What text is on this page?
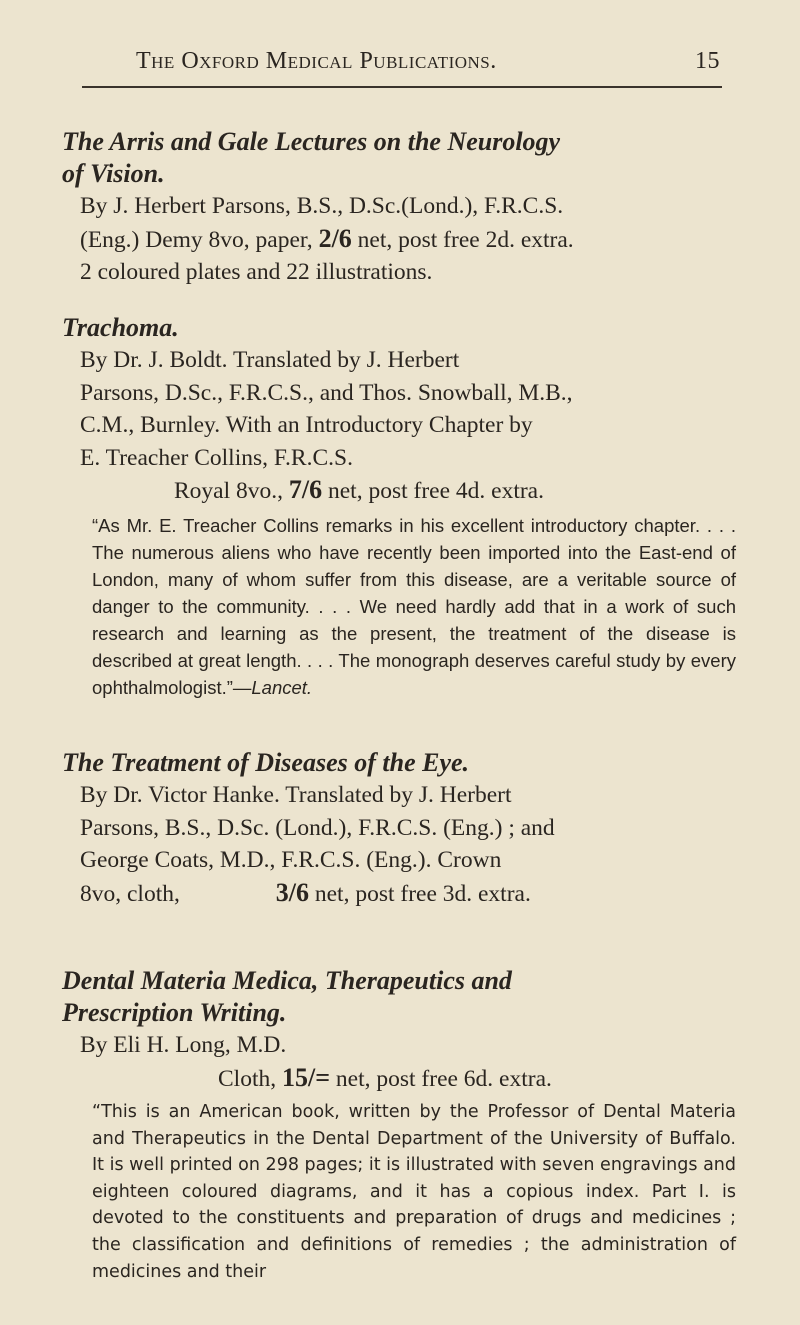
The Oxford Medical Publications.	15

The Arris and Gale Lectures on the Neurology
of Vision.

By J. Herbert Parsons, B.S., D.Sc.(Lond.), F.R.C.S.
(Eng.) Demy 8vo, paper, 2/6 net, post free 2d. extra.
2 coloured plates and 22 illustrations.

Trachoma.

By Dr. J. Boldt. Translated by J. Herbert
Parsons, D.Sc., F.R.C.S., and Thos. Snowball, M.B.,
C.M., Burnley. With an Introductory Chapter by
E. Treacher Collins, F.R.C.S.

Royal 8vo., 7/6 net, post free 4d. extra.

“As Mr. E. Treacher Collins remarks in his excellent introductory chapter. . . . The numerous aliens who have recently been imported into the East-end of London, many of whom suffer from this disease, are a veritable source of danger to the community. . . . We need hardly add that in a work of such research and learning as the present, the treatment of the disease is described at great length. . . . The monograph deserves careful study by every ophthalmologist.”—Lancet.

The Treatment of Diseases of the Eye.

By Dr. Victor Hanke. Translated by J. Herbert
Parsons, B.S., D.Sc. (Lond.), F.R.C.S. (Eng.) ; and
George Coats, M.D., F.R.C.S. (Eng.). Crown
8vo, cloth,	3/6 net, post free 3d. extra.

Dental Materia Medica, Therapeutics and
Prescription Writing.

By Eli H. Long, M.D.

Cloth, 15/= net, post free 6d. extra.

“This is an American book, written by the Professor of Dental Materia and Therapeutics in the Dental Department of the University of Buffalo. It is well printed on 298 pages; it is illustrated with seven engravings and eighteen coloured diagrams, and it has a copious index. Part I. is devoted to the constituents and preparation of drugs and medicines ; the classification and definitions of remedies ; the administration of medicines and their
